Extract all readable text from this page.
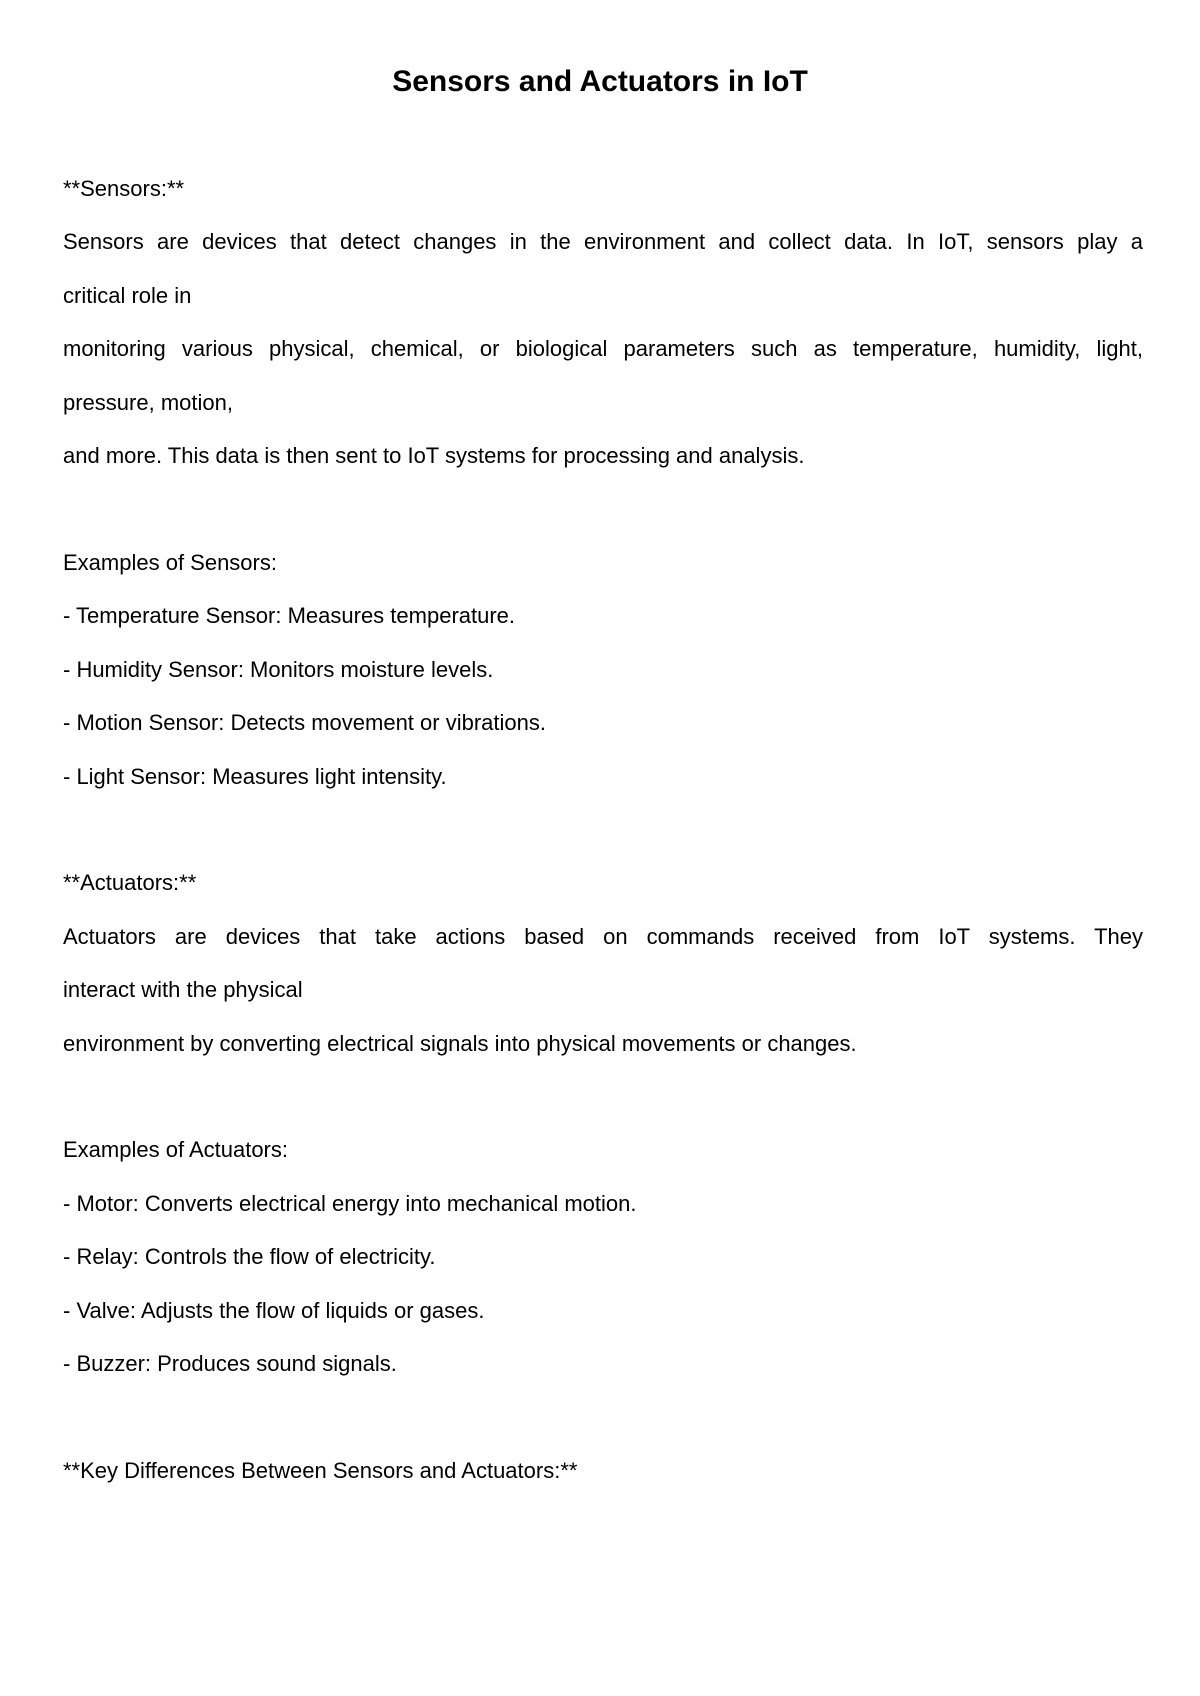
Sensors and Actuators in IoT

**Sensors:**

Sensors are devices that detect changes in the environment and collect data. In IoT, sensors play a

critical role in

monitoring various physical, chemical, or biological parameters such as temperature, humidity, light,

pressure, motion,

and more. This data is then sent to IoT systems for processing and analysis.

Examples of Sensors:

- Temperature Sensor: Measures temperature.

- Humidity Sensor: Monitors moisture levels.

- Motion Sensor: Detects movement or vibrations.

- Light Sensor: Measures light intensity.

**Actuators:**

Actuators are devices that take actions based on commands received from IoT systems. They

interact with the physical

environment by converting electrical signals into physical movements or changes.

Examples of Actuators:

- Motor: Converts electrical energy into mechanical motion.

- Relay: Controls the flow of electricity.

- Valve: Adjusts the flow of liquids or gases.

- Buzzer: Produces sound signals.

**Key Differences Between Sensors and Actuators:**
